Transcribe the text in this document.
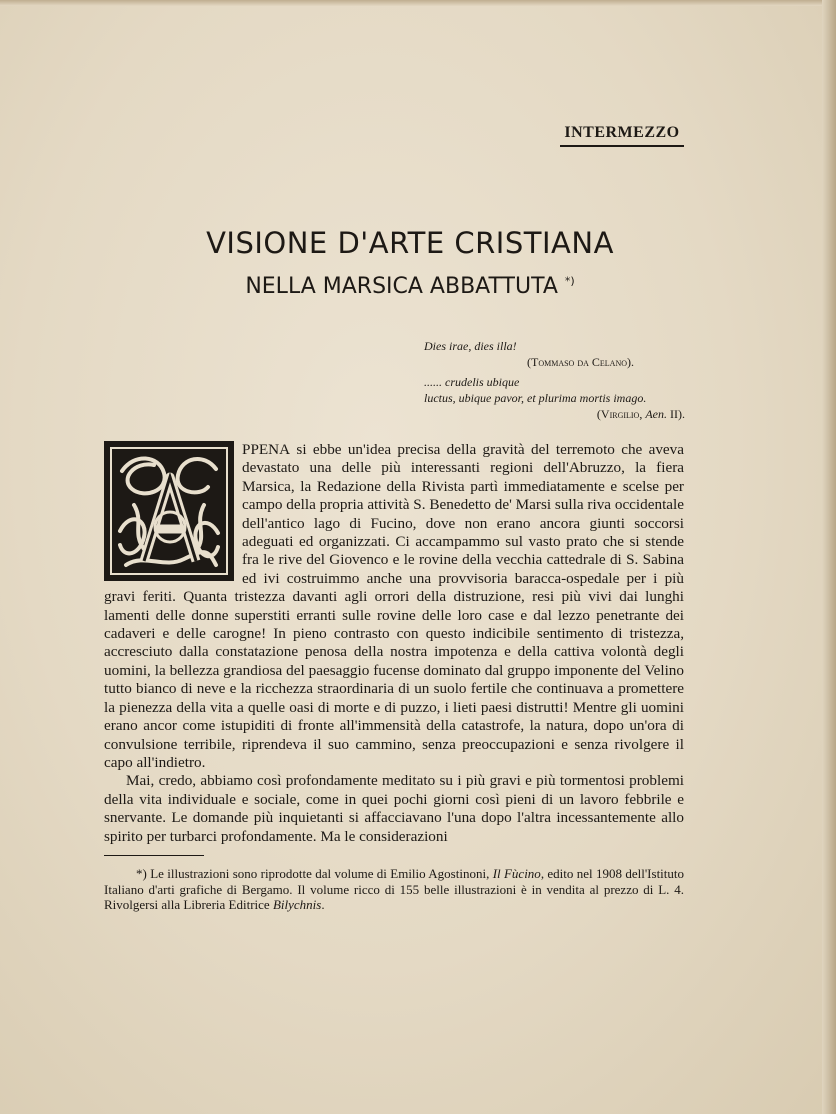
INTERMEZZO
VISIONE D'ARTE CRISTIANA
NELLA MARSICA ABBATTUTA *)
Dies irae, dies illa!
(Tommaso da Celano).
...... crudelis ubique
luctus, ubique pavor, et plurima mortis imago.
(Virgilio, Aen. II).

PPENA si ebbe un'idea precisa della gravità del terremoto che aveva devastato una delle più interessanti regioni dell'Abruzzo, la fiera Marsica, la Redazione della Rivista partì immediatamente e scelse per campo della propria attività S. Benedetto de' Marsi sulla riva occidentale dell'antico lago di Fucino, dove non erano ancora giunti soccorsi adeguati ed organizzati. Ci accampammo sul vasto prato che si stende fra le rive del Giovenco e le rovine della vecchia cattedrale di S. Sabina ed ivi costruimmo anche una provvisoria baracca-ospedale per i più gravi feriti. Quanta tristezza davanti agli orrori della distruzione, resi più vivi dai lunghi lamenti delle donne superstiti erranti sulle rovine delle loro case e dal lezzo penetrante dei cadaveri e delle carogne! In pieno contrasto con questo indicibile sentimento di tristezza, accresciuto dalla constatazione penosa della nostra impotenza e della cattiva volontà degli uomini, la bellezza grandiosa del paesaggio fucense dominato dal gruppo imponente del Velino tutto bianco di neve e la ricchezza straordinaria di un suolo fertile che continuava a promettere la pienezza della vita a quelle oasi di morte e di puzzo, i lieti paesi distrutti! Mentre gli uomini erano ancor come istupiditi di fronte all'immensità della catastrofe, la natura, dopo un'ora di convulsione terribile, riprendeva il suo cammino, senza preoccupazioni e senza rivolgere il capo all'indietro.

Mai, credo, abbiamo così profondamente meditato su i più gravi e più tormentosi problemi della vita individuale e sociale, come in quei pochi giorni così pieni di un lavoro febbrile e snervante. Le domande più inquietanti si affacciavano l'una dopo l'altra incessantemente allo spirito per turbarci profondamente. Ma le considerazioni

*) Le illustrazioni sono riprodotte dal volume di Emilio Agostinoni, Il Fùcino, edito nel 1908 dell'Istituto Italiano d'arti grafiche di Bergamo. Il volume ricco di 155 belle illustrazioni è in vendita al prezzo di L. 4. Rivolgersi alla Libreria Editrice Bilychnis.
